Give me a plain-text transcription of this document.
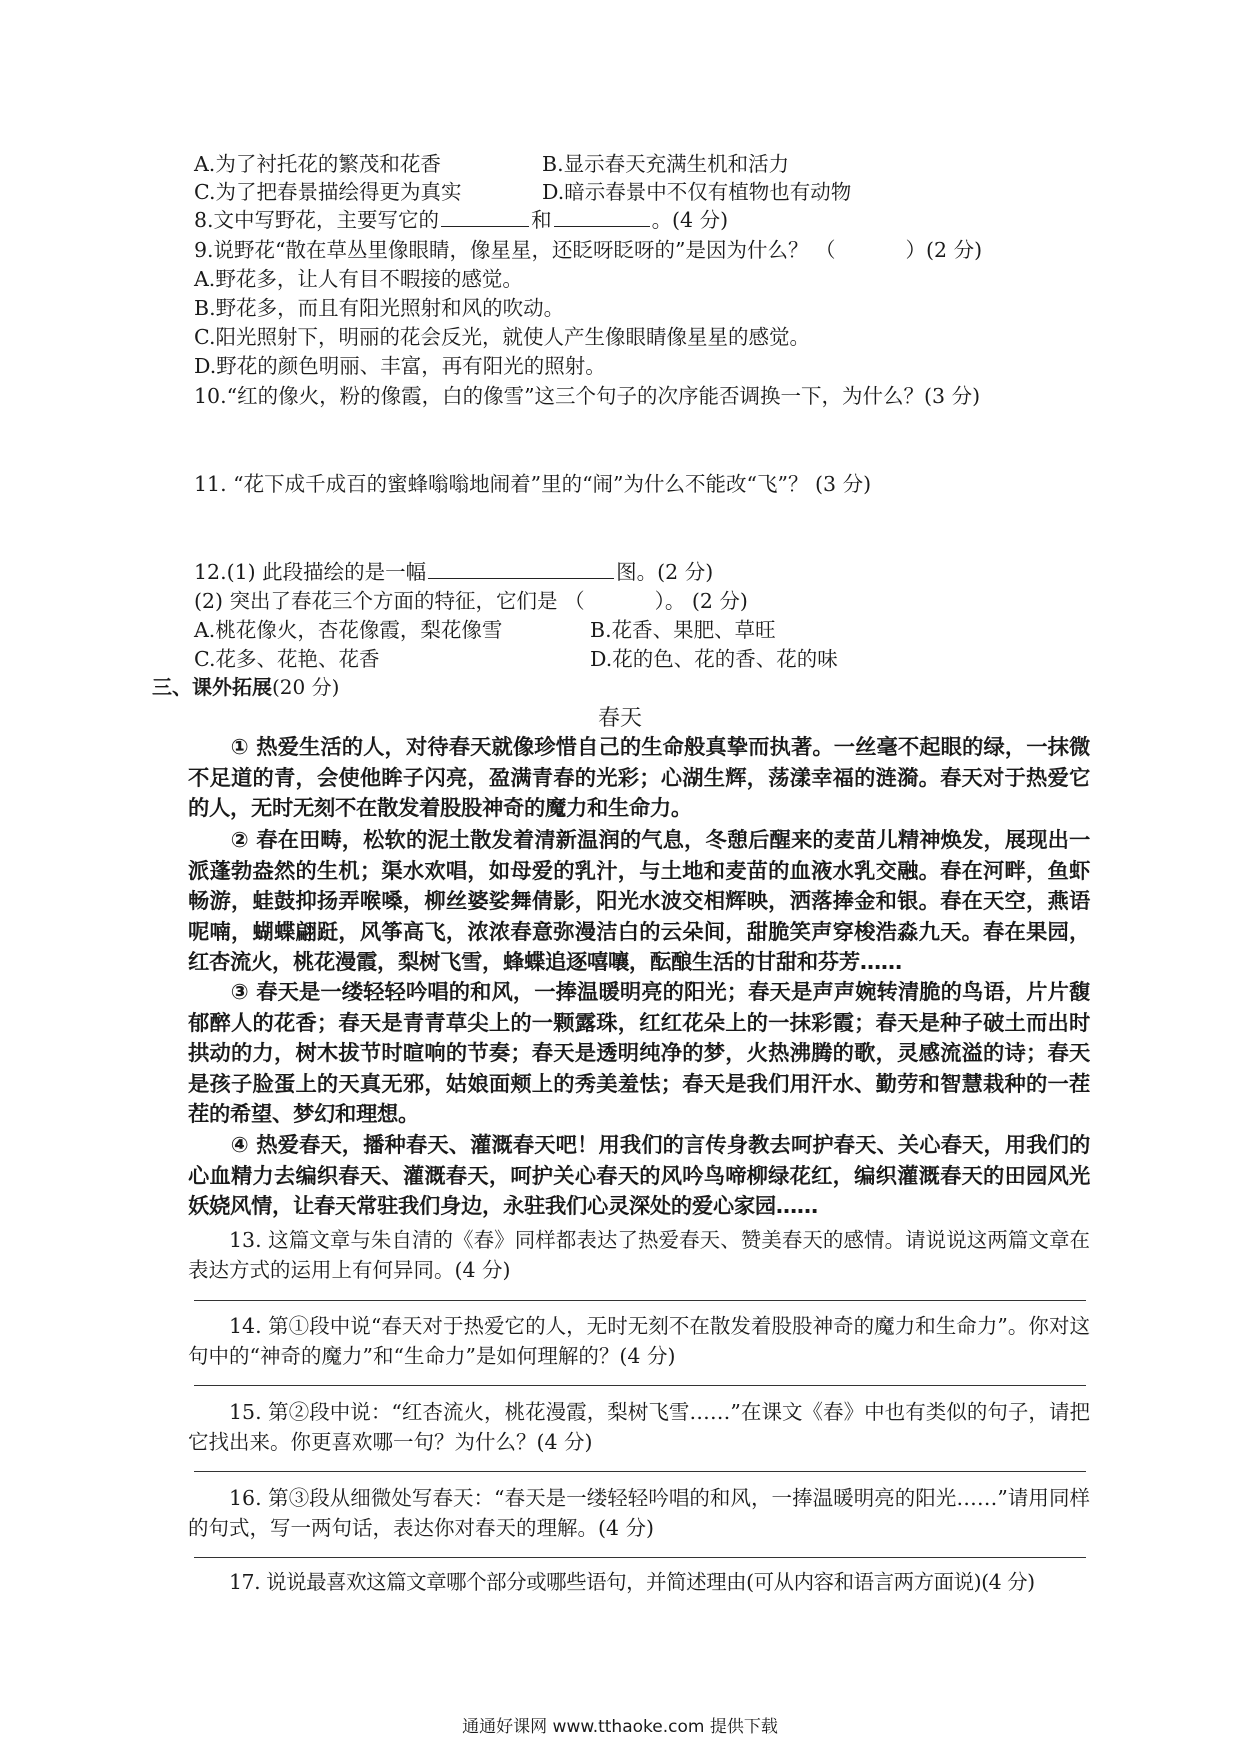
A.为了衬托花的繁茂和花香	B.显示春天充满生机和活力
C.为了把春景描绘得更为真实	D.暗示春景中不仅有植物也有动物
8.文中写野花，主要写它的	和	。(4 分)
9.说野花“散在草丛里像眼睛，像星星，还眨呀眨呀的”是因为什么？ （	）(2 分)
A.野花多，让人有目不暇接的感觉。
B.野花多，而且有阳光照射和风的吹动。
C.阳光照射下，明丽的花会反光，就使人产生像眼睛像星星的感觉。
D.野花的颜色明丽、丰富，再有阳光的照射。
10.“红的像火，粉的像霞，白的像雪”这三个句子的次序能否调换一下，为什么？(3 分)
11. “花下成千成百的蜜蜂嗡嗡地闹着”里的“闹”为什么不能改“飞”？ (3 分)
12.(1) 此段描绘的是一幅	图。(2 分)
(2) 突出了春花三个方面的特征，它们是 （	）。 (2 分)
A.桃花像火，杏花像霞，梨花像雪	B.花香、果肥、草旺
C.花多、花艳、花香	D.花的色、花的香、花的味
三、课外拓展(20 分)
春天
① 热爱生活的人，对待春天就像珍惜自己的生命般真挚而执著。一丝毫不起眼的绿，一抹微不足道的青，会使他眸子闪亮，盈满青春的光彩；心湖生辉，荡漾幸福的涟漪。春天对于热爱它的人，无时无刻不在散发着股股神奇的魔力和生命力。
② 春在田畴，松软的泥土散发着清新温润的气息，冬憩后醒来的麦苗儿精神焕发，展现出一派蓬勃盎然的生机；渠水欢唱，如母爱的乳汁，与土地和麦苗的血液水乳交融。春在河畔，鱼虾畅游，蛙鼓抑扬弄喉嗓，柳丝婆娑舞倩影，阳光水波交相辉映，洒落捧金和银。春在天空，燕语呢喃，蝴蝶翩跹，风筝高飞，浓浓春意弥漫洁白的云朵间，甜脆笑声穿梭浩淼九天。春在果园，红杏流火，桃花漫霞，梨树飞雪，蜂蝶追逐嘻嚷，酝酿生活的甘甜和芬芳……
③ 春天是一缕轻轻吟唱的和风，一捧温暖明亮的阳光；春天是声声婉转清脆的鸟语，片片馥郁醉人的花香；春天是青青草尖上的一颗露珠，红红花朵上的一抹彩霞；春天是种子破土而出时拱动的力，树木拔节时暄响的节奏；春天是透明纯净的梦，火热沸腾的歌，灵感流溢的诗；春天是孩子脸蛋上的天真无邪，姑娘面颊上的秀美羞怯；春天是我们用汗水、勤劳和智慧栽种的一茬茬的希望、梦幻和理想。
④ 热爱春天，播种春天、灌溉春天吧！用我们的言传身教去呵护春天、关心春天，用我们的心血精力去编织春天、灌溉春天，呵护关心春天的风吟鸟啼柳绿花红，编织灌溉春天的田园风光妖娆风情，让春天常驻我们身边，永驻我们心灵深处的爱心家园……
13. 这篇文章与朱自清的《春》同样都表达了热爱春天、赞美春天的感情。请说说这两篇文章在表达方式的运用上有何异同。(4 分)
14. 第①段中说“春天对于热爱它的人，无时无刻不在散发着股股神奇的魔力和生命力”。你对这句中的“神奇的魔力”和“生命力”是如何理解的？(4 分)
15. 第②段中说：“红杏流火，桃花漫霞，梨树飞雪……”在课文《春》中也有类似的句子，请把它找出来。你更喜欢哪一句？为什么？(4 分)
16. 第③段从细微处写春天：“春天是一缕轻轻吟唱的和风，一捧温暖明亮的阳光……”请用同样的句式，写一两句话，表达你对春天的理解。(4 分)
17. 说说最喜欢这篇文章哪个部分或哪些语句，并简述理由(可从内容和语言两方面说)(4 分)
通通好课网 www.tthaoke.com 提供下载
